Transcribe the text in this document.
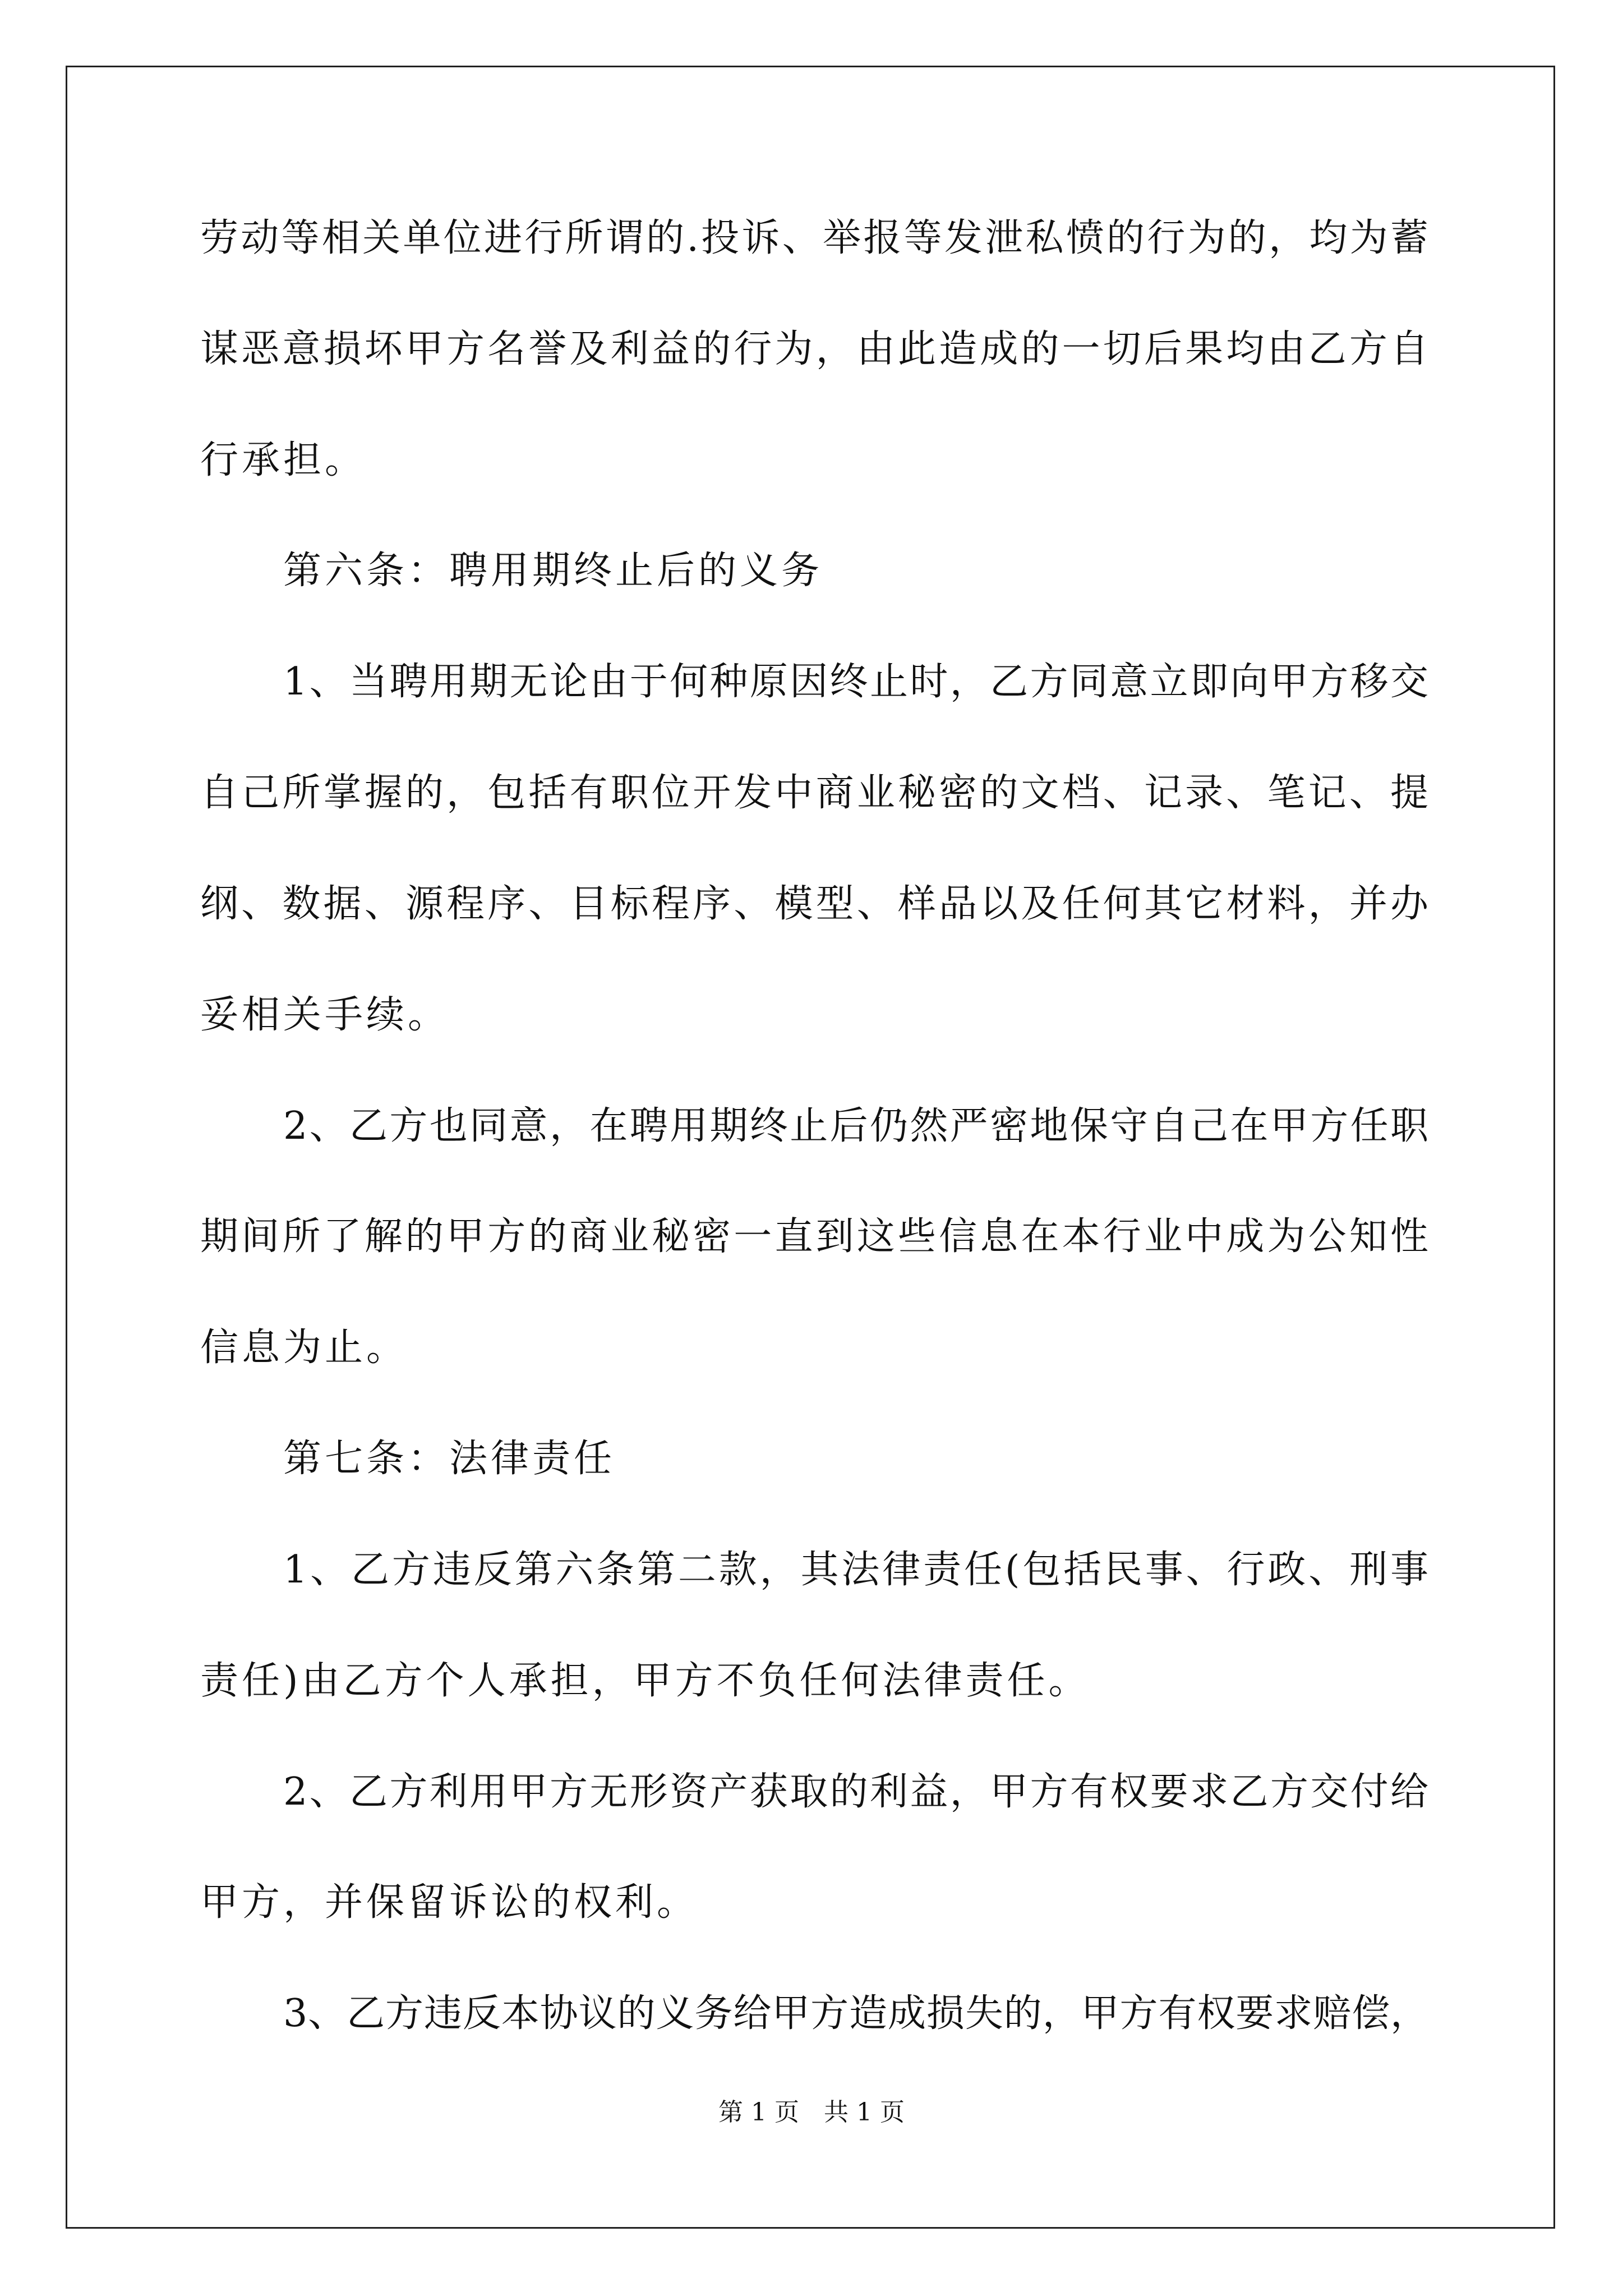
劳动等相关单位进行所谓的.投诉、举报等发泄私愤的行为的，均为蓄
谋恶意损坏甲方名誉及利益的行为，由此造成的一切后果均由乙方自
行承担。
第六条：聘用期终止后的义务
1、当聘用期无论由于何种原因终止时，乙方同意立即向甲方移交
自己所掌握的，包括有职位开发中商业秘密的文档、记录、笔记、提
纲、数据、源程序、目标程序、模型、样品以及任何其它材料，并办
妥相关手续。
2、乙方也同意，在聘用期终止后仍然严密地保守自己在甲方任职
期间所了解的甲方的商业秘密一直到这些信息在本行业中成为公知性
信息为止。
第七条：法律责任
1、乙方违反第六条第二款，其法律责任(包括民事、行政、刑事
责任)由乙方个人承担，甲方不负任何法律责任。
2、乙方利用甲方无形资产获取的利益，甲方有权要求乙方交付给
甲方，并保留诉讼的权利。
3、乙方违反本协议的义务给甲方造成损失的，甲方有权要求赔偿，
第 1 页　共 1 页
